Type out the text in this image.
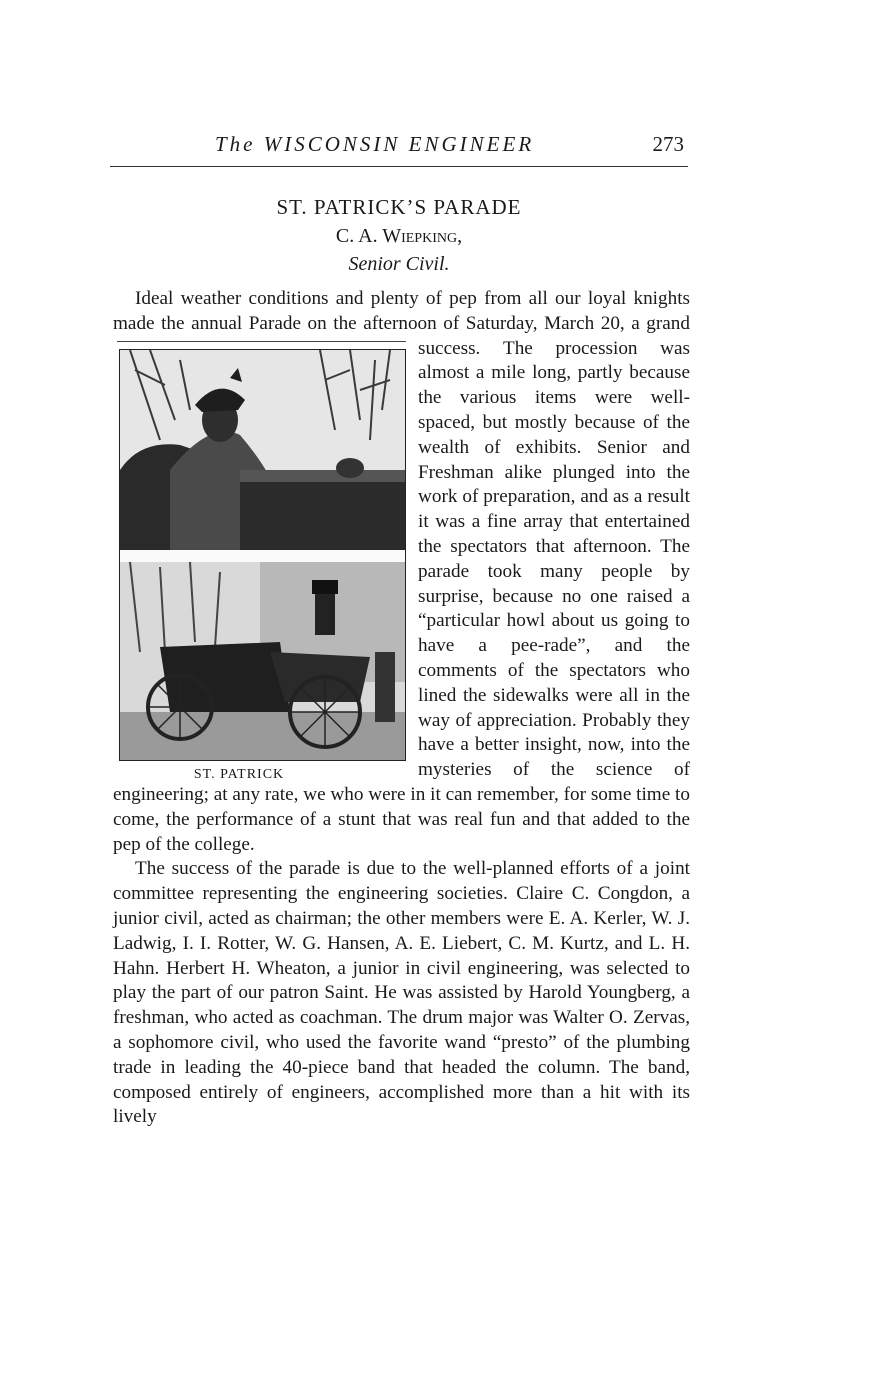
The WISCONSIN ENGINEER	273

ST. PATRICK’S PARADE

C. A. Wiepking,

Senior Civil.

Ideal weather conditions and plenty of pep from all our loyal knights made the annual Parade on the afternoon of Saturday, March 20, a grand success.
ST. PATRICK
The procession was almost a mile long, partly because the various items were well-spaced, but mostly because of the wealth of exhibits. Senior and Freshman alike plunged into the work of preparation, and as a result it was a fine array that entertained the spectators that afternoon. The parade took many people by surprise, because no one raised a “particular howl about us going to have a pee-rade”, and the comments of the spectators who lined the sidewalks were all in the way of appreciation. Probably they have a better insight, now, into the mysteries of the science of engineering; at any rate, we who were in it can remember, for some time to come, the performance of a stunt that was real fun and that added to the pep of the college.

The success of the parade is due to the well-planned efforts of a joint committee representing the engineering societies. Claire C. Congdon, a junior civil, acted as chairman; the other members were E. A. Kerler, W. J. Ladwig, I. I. Rotter, W. G. Hansen, A. E. Liebert, C. M. Kurtz, and L. H. Hahn. Herbert H. Wheaton, a junior in civil engineering, was selected to play the part of our patron Saint. He was assisted by Harold Youngberg, a freshman, who acted as coachman. The drum major was Walter O. Zervas, a sophomore civil, who used the favorite wand “presto” of the plumbing trade in leading the 40-piece band that headed the column. The band, composed entirely of engineers, accomplished more than a hit with its lively
